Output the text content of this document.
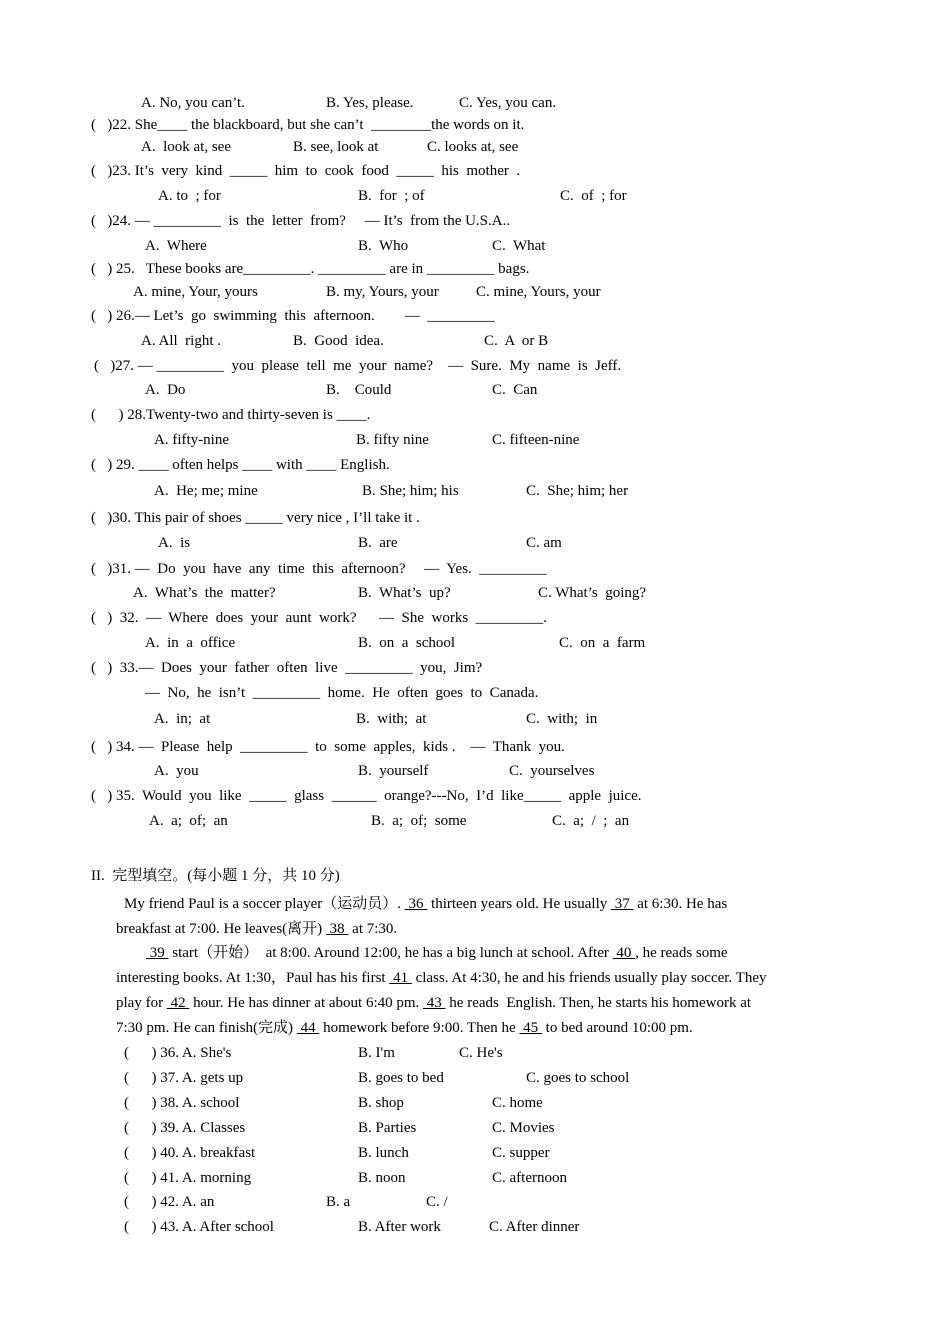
A. No, you can’t.	B. Yes, please.	C. Yes, you can.
(   )22. She____ the blackboard, but she can’t  ________the words on it.
A.  look at, see	B. see, look at	C. looks at, see
(   )23. It’s  very  kind  _____  him  to  cook  food  _____  his  mother  .
A. to  ; for	B.  for  ; of	C.  of  ; for
(   )24. — _________  is  the  letter  from?     — It’s  from the U.S.A..
A.  Where	B.  Who	C.  What
(   ) 25.   These books are_________. _________ are in _________ bags.
A. mine, Your, yours	B. my, Yours, your C. mine, Yours, your
(   ) 26.— Let’s  go  swimming  this  afternoon.        —  _________
A. All  right .	B.  Good  idea.	C.  A  or B
(   )27. — _________  you  please  tell  me  your  name?    —  Sure.  My  name  is  Jeff.
A.  Do	B.    Could	C.  Can
(      ) 28.Twenty-two and thirty-seven is ____.
A. fifty-nine	B. fifty nine	C. fifteen-nine
(   ) 29. ____ often helps ____ with ____ English.
A.  He; me; mine	B. She; him; his	C.  She; him; her
(   )30. This pair of shoes _____ very nice , I’ll take it .
A.  is	B.  are	C. am
(   )31. —  Do  you  have  any  time  this  afternoon?     —  Yes.  _________
A.  What’s  the  matter?	B.  What’s  up?	C. What’s  going?
(   )  32.  —  Where  does  your  aunt  work?      —  She  works  _________.
A.  in  a  office	B.  on  a  school	C.  on  a  farm
(   )  33.—  Does  your  father  often  live  _________  you,  Jim?
—  No,  he  isn’t  _________  home.  He  often  goes  to  Canada.
A.  in;  at	B.  with;  at	C.  with;  in
(   ) 34. —  Please  help  _________  to  some  apples,  kids .    —  Thank  you.
A.  you	B.  yourself	C.  yourselves
(   ) 35.  Would  you  like  _____  glass  ______  orange?---No,  I’d  like_____  apple  juice.
A.  a;  of;  an	B.  a;  of;  some	C.  a;  /  ;  an
II.  完型填空。(每小题 1 分，共 10 分)
My friend Paul is a soccer player（运动员）.  36  thirteen years old. He usually  37  at 6:30. He has
breakfast at 7:00. He leaves(离开)  38  at 7:30.
39  start（开始）  at 8:00. Around 12:00, he has a big lunch at school. After  40 , he reads some
interesting books. At 1:30，Paul has his first  41  class. At 4:30, he and his friends usually play soccer. They
play for  42  hour. He has dinner at about 6:40 pm.  43  he reads  English. Then, he starts his homework at
7:30 pm. He can finish(完成)  44  homework before 9:00. Then he  45  to bed around 10:00 pm.
(      ) 36. A. She's	B. I'm	C. He's
(      ) 37. A. gets up	B. goes to bed	C. goes to school
(      ) 38. A. school	B. shop	C. home
(      ) 39. A. Classes	B. Parties	C. Movies
(      ) 40. A. breakfast	B. lunch	C. supper
(      ) 41. A. morning	B. noon	C. afternoon
(      ) 42. A. an	B. a	C. /
(      ) 43. A. After school	B. After work	C. After dinner
